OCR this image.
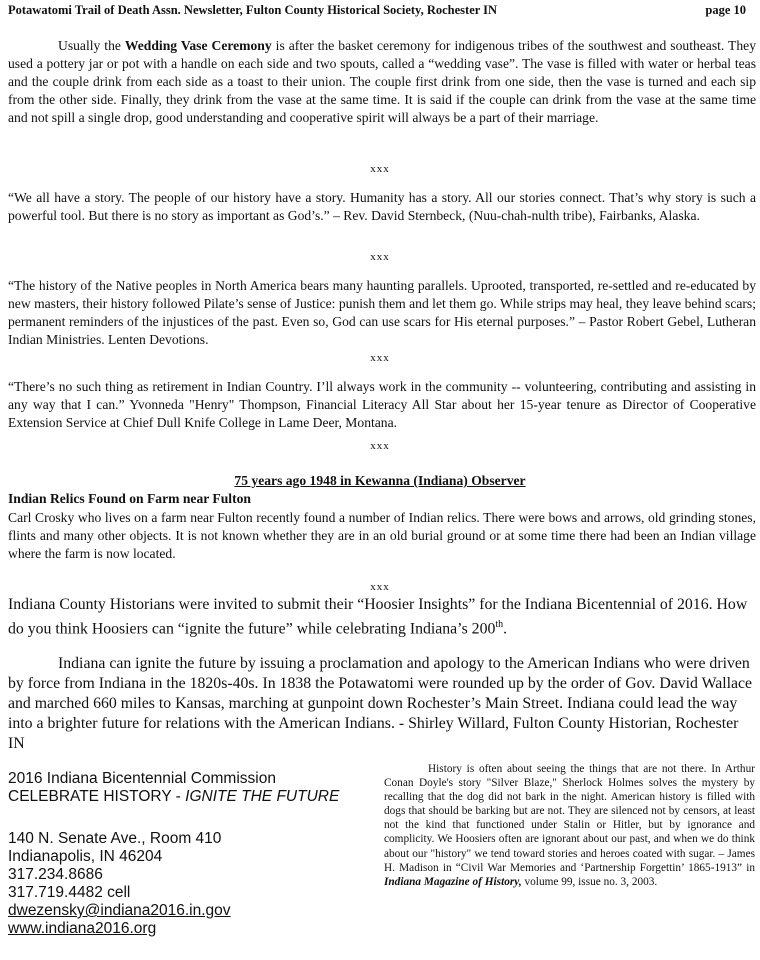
Potawatomi Trail of Death Assn. Newsletter, Fulton County Historical Society, Rochester IN	page 10
Usually the Wedding Vase Ceremony is after the basket ceremony for indigenous tribes of the southwest and southeast. They used a pottery jar or pot with a handle on each side and two spouts, called a “wedding vase”. The vase is filled with water or herbal teas and the couple drink from each side as a toast to their union. The couple first drink from one side, then the vase is turned and each sip from the other side. Finally, they drink from the vase at the same time. It is said if the couple can drink from the vase at the same time and not spill a single drop, good understanding and cooperative spirit will always be a part of their marriage.
xxx
“We all have a story. The people of our history have a story. Humanity has a story. All our stories connect. That’s why story is such a powerful tool. But there is no story as important as God’s.” – Rev. David Sternbeck, (Nuu-chah-nulth tribe), Fairbanks, Alaska.
xxx
“The history of the Native peoples in North America bears many haunting parallels. Uprooted, transported, re-settled and re-educated by new masters, their history followed Pilate’s sense of Justice: punish them and let them go. While strips may heal, they leave behind scars; permanent reminders of the injustices of the past. Even so, God can use scars for His eternal purposes.” – Pastor Robert Gebel, Lutheran Indian Ministries. Lenten Devotions.
xxx
“There’s no such thing as retirement in Indian Country. I’ll always work in the community -- volunteering, contributing and assisting in any way that I can.” Yvonneda "Henry" Thompson, Financial Literacy All Star about her 15-year tenure as Director of Cooperative Extension Service at Chief Dull Knife College in Lame Deer, Montana.
xxx
75 years ago 1948 in Kewanna (Indiana) Observer
Indian Relics Found on Farm near Fulton
Carl Crosky who lives on a farm near Fulton recently found a number of Indian relics. There were bows and arrows, old grinding stones, flints and many other objects. It is not known whether they are in an old burial ground or at some time there had been an Indian village where the farm is now located.
xxx
Indiana County Historians were invited to submit their “Hoosier Insights” for the Indiana Bicentennial of 2016. How do you think Hoosiers can “ignite the future” while celebrating Indiana’s 200th.
Indiana can ignite the future by issuing a proclamation and apology to the American Indians who were driven by force from Indiana in the 1820s-40s. In 1838 the Potawatomi were rounded up by the order of Gov. David Wallace and marched 660 miles to Kansas, marching at gunpoint down Rochester’s Main Street. Indiana could lead the way into a brighter future for relations with the American Indians. - Shirley Willard, Fulton County Historian, Rochester IN
2016 Indiana Bicentennial Commission
CELEBRATE HISTORY - IGNITE THE FUTURE
140 N. Senate Ave., Room 410
Indianapolis, IN 46204
317.234.8686
317.719.4482 cell
dwezensky@indiana2016.in.gov
www.indiana2016.org
History is often about seeing the things that are not there. In Arthur Conan Doyle's story "Silver Blaze," Sherlock Holmes solves the mystery by recalling that the dog did not bark in the night. American history is filled with dogs that should be barking but are not. They are silenced not by censors, at least not the kind that functioned under Stalin or Hitler, but by ignorance and complicity. We Hoosiers often are ignorant about our past, and when we do think about our "history" we tend toward stories and heroes coated with sugar. – James H. Madison in “Civil War Memories and ‘Partnership Forgettin’ 1865-1913” in Indiana Magazine of History, volume 99, issue no. 3, 2003.
